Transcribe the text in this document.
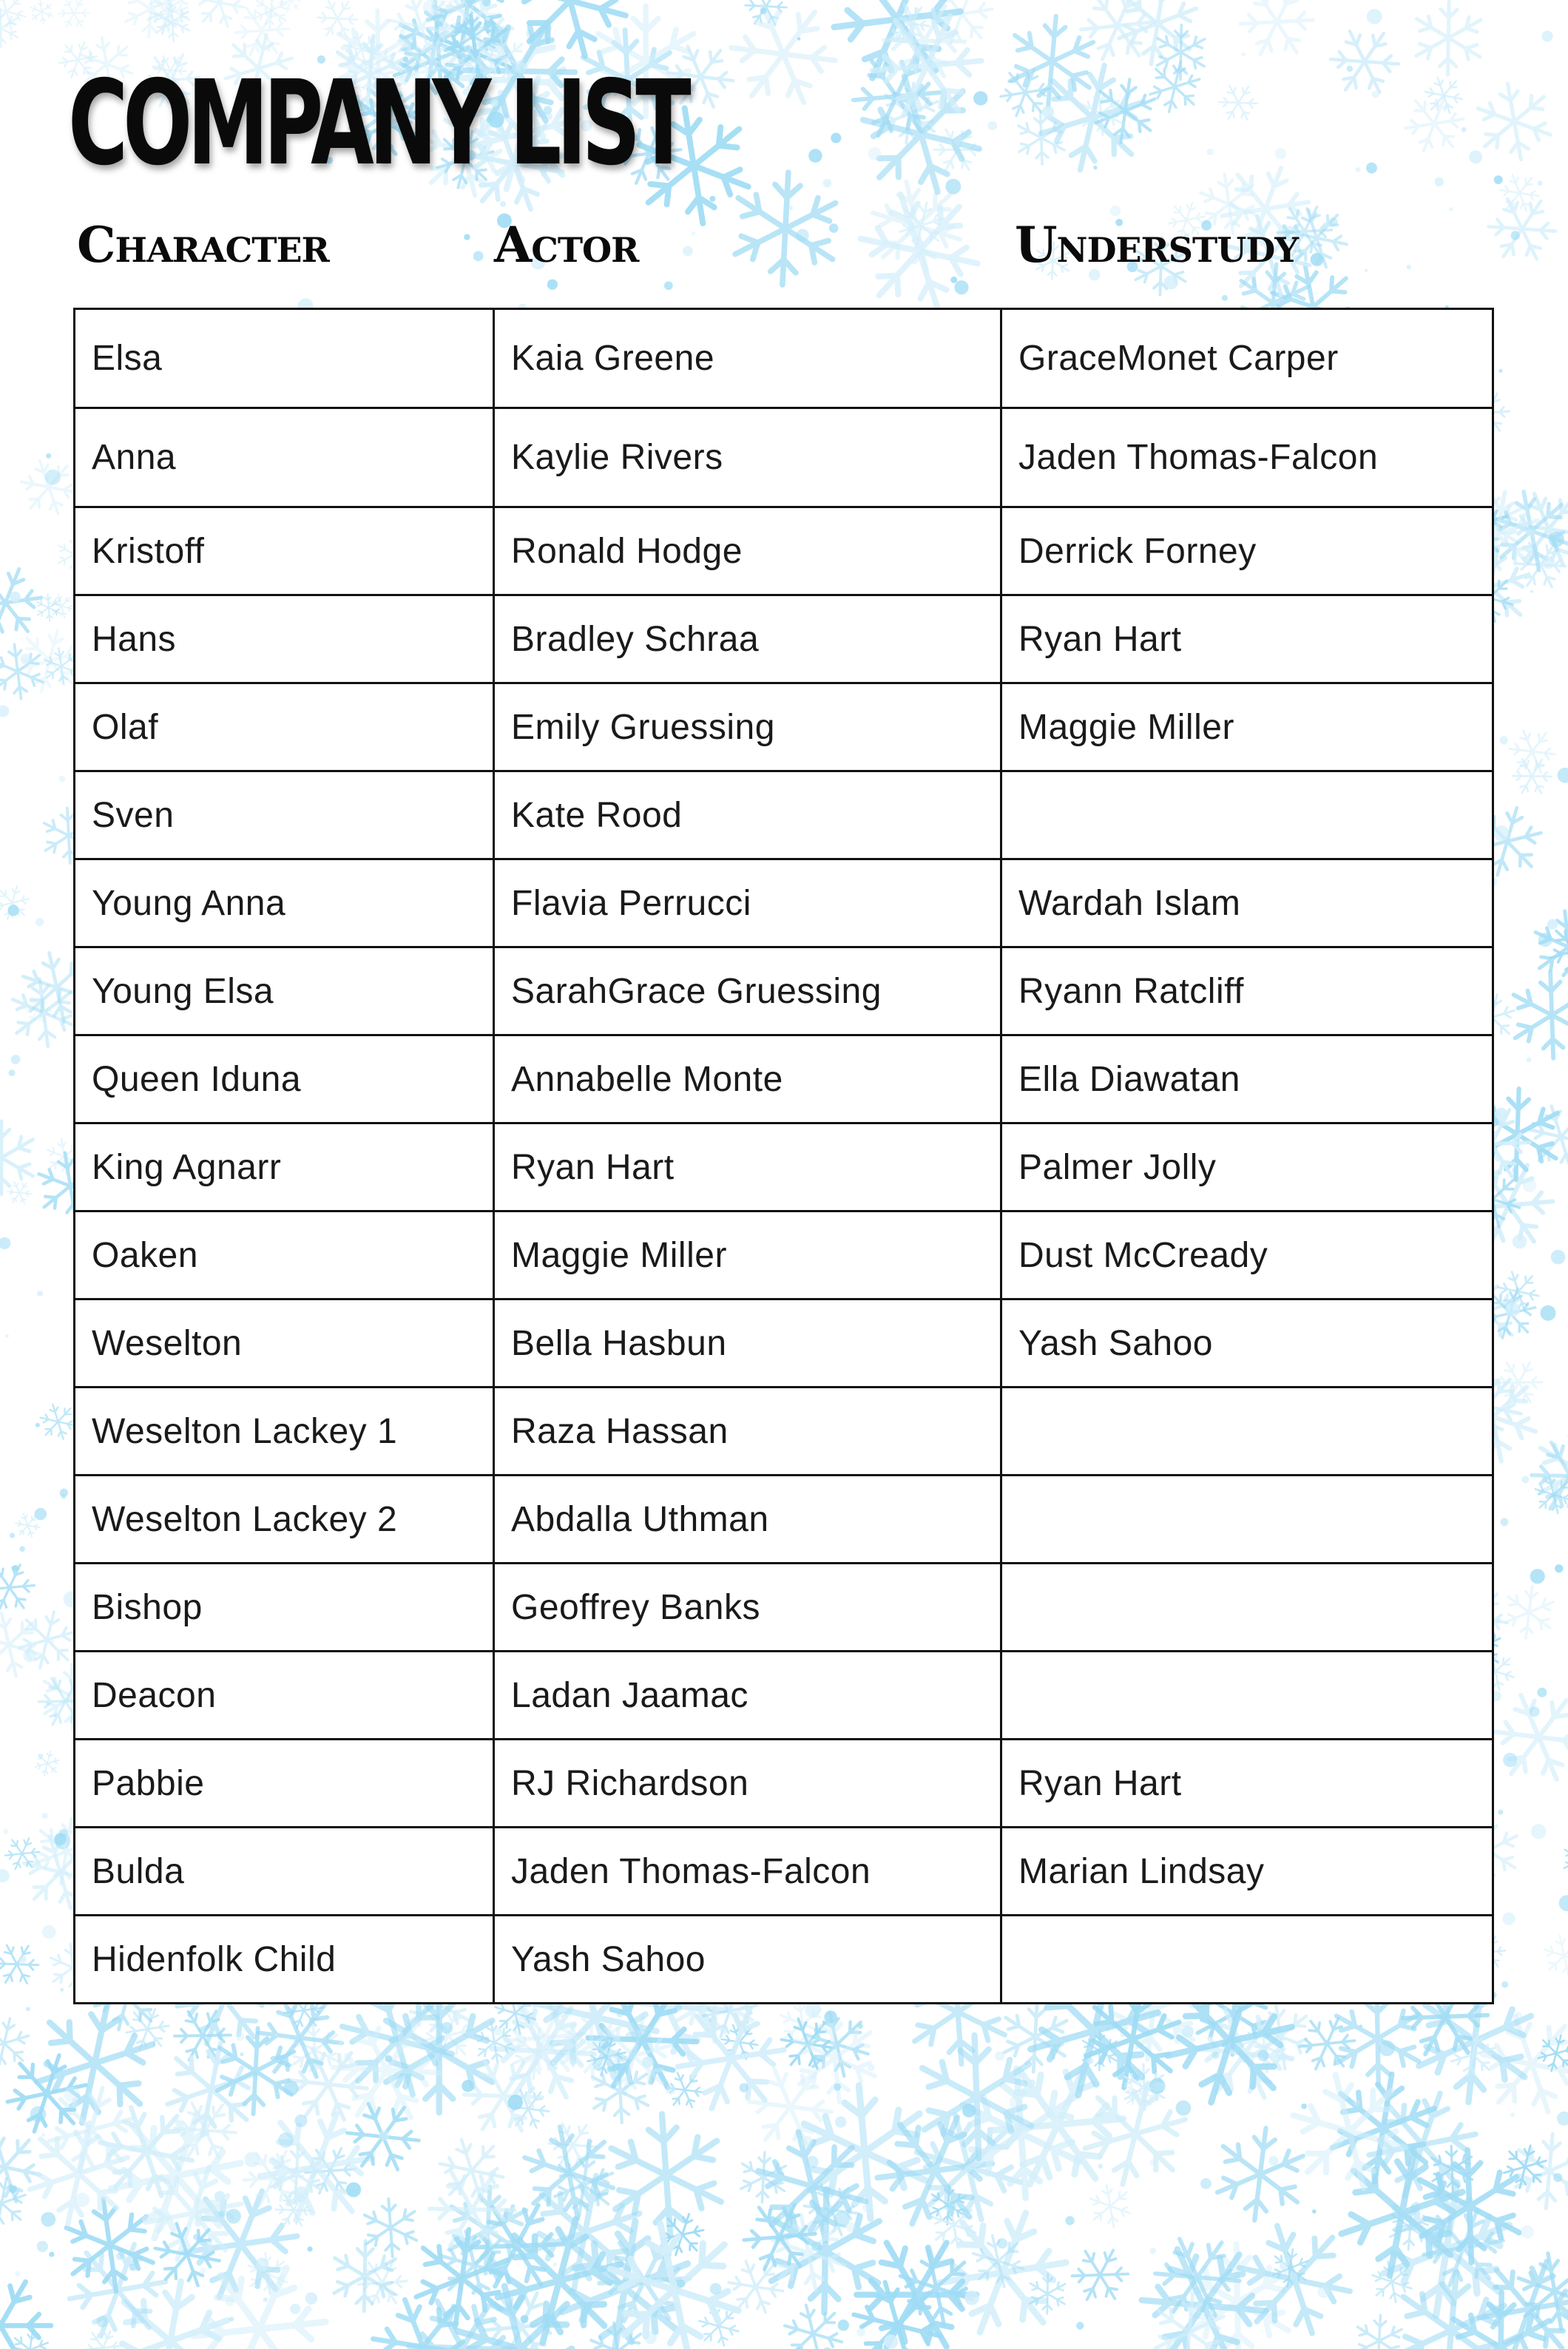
COMPANY LIST
Character	Actor	Understudy
Elsa	Kaia Greene	GraceMonet Carper
Anna	Kaylie Rivers	Jaden Thomas-Falcon
Kristoff	Ronald Hodge	Derrick Forney
Hans	Bradley Schraa	Ryan Hart
Olaf	Emily Gruessing	Maggie Miller
Sven	Kate Rood	
Young Anna	Flavia Perrucci	Wardah Islam
Young Elsa	SarahGrace Gruessing	Ryann Ratcliff
Queen Iduna	Annabelle Monte	Ella Diawatan
King Agnarr	Ryan Hart	Palmer Jolly
Oaken	Maggie Miller	Dust McCready
Weselton	Bella Hasbun	Yash Sahoo
Weselton Lackey 1	Raza Hassan	
Weselton Lackey 2	Abdalla Uthman	
Bishop	Geoffrey Banks	
Deacon	Ladan Jaamac	
Pabbie	RJ Richardson	Ryan Hart
Bulda	Jaden Thomas-Falcon	Marian Lindsay
Hidenfolk Child	Yash Sahoo	
